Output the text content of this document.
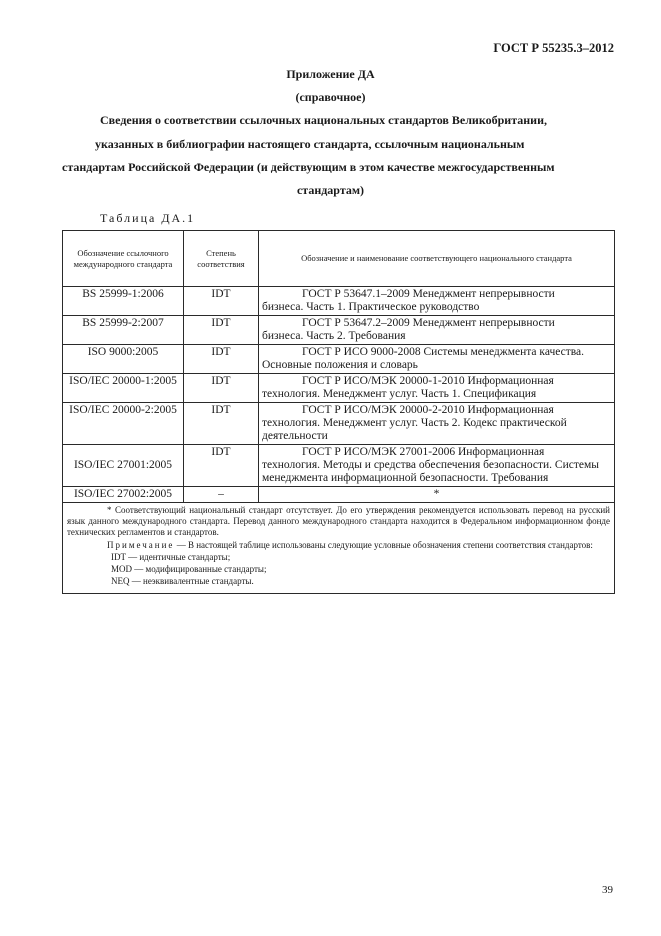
ГОСТ Р 55235.3–2012
Приложение ДА
(справочное)
Сведения о соответствии ссылочных национальных стандартов Великобритании,
указанных в библиографии настоящего стандарта, ссылочным национальным
стандартам Российской Федерации (и действующим в этом качестве межгосударственным
стандартам)
Таблица ДА.1
Обозначение ссылочного международного стандарта	Степень соответствия	Обозначение и наименование соответствующего национального стандарта
BS 25999-1:2006	IDT	ГОСТ Р 53647.1–2009 Менеджмент непрерывности
бизнеса. Часть 1. Практическое руководство
BS 25999-2:2007	IDT	ГОСТ Р 53647.2–2009 Менеджмент непрерывности
бизнеса. Часть 2. Требования
ISO 9000:2005	IDT	ГОСТ Р ИСО 9000-2008 Системы менеджмента качества.
Основные положения и словарь
ISO/IEC 20000-1:2005	IDT	ГОСТ Р ИСО/МЭК 20000-1-2010 Информационная
технология. Менеджмент услуг. Часть 1. Спецификация
ISO/IEC 20000-2:2005	IDT	ГОСТ Р ИСО/МЭК 20000-2-2010 Информационная
технология. Менеджмент услуг. Часть 2. Кодекс практической деятельности
ISO/IEC 27001:2005	IDT	ГОСТ Р ИСО/МЭК 27001-2006 Информационная
технология. Методы и средства обеспечения безопасности. Системы менеджмента информационной безопасности. Требования
ISO/IEC 27002:2005	–	*

* Соответствующий национальный стандарт отсутствует. До его утверждения рекомендуется использовать перевод на русский язык данного международного стандарта. Перевод данного международного стандарта находится в Федеральном информационном фонде технических регламентов и стандартов.

Примечание — В настоящей таблице использованы следующие условные обозначения степени соответствия стандартов:

IDT — идентичные стандарты;
MOD — модифицированные стандарты;
NEQ — неэквивалентные стандарты.		
39
